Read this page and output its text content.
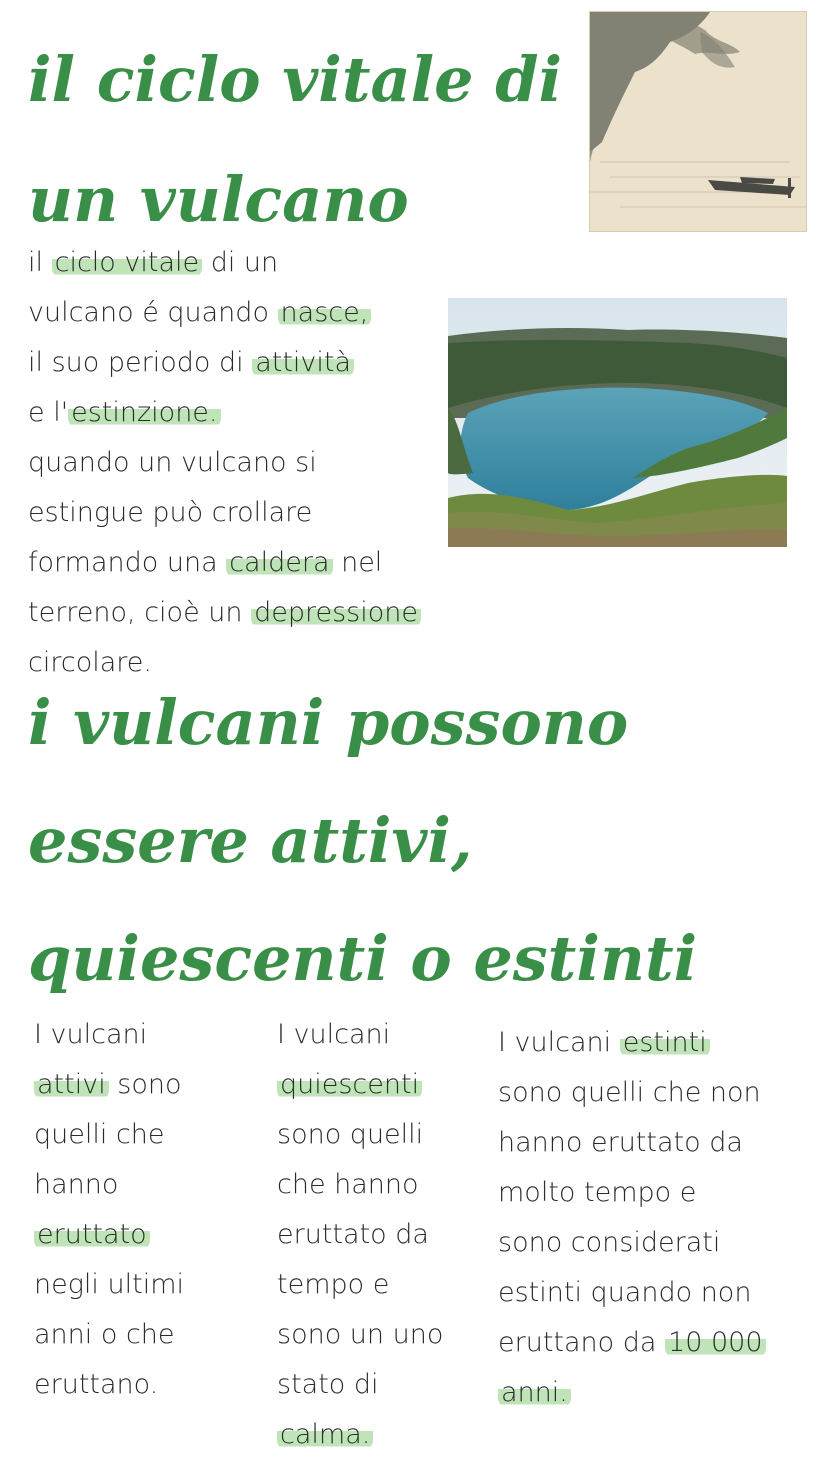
il ciclo vitale di un vulcano
il ciclo vitale di un
vulcano é quando nasce,
il suo periodo di attività
e l' estinzione.
quando un vulcano si
estingue può crollare
formando una caldera nel
terreno, cioè un depressione
circolare.
i vulcani possono essere attivi, quiescenti o estinti
I vulcani
attivi sono
quelli che
hanno
eruttato
negli ultimi
anni o che
eruttano.
I vulcani
quiescenti
sono quelli
che hanno
eruttato da
tempo e
sono un uno
stato di
calma.
I vulcani estinti
sono quelli che non
hanno eruttato da
molto tempo e
sono considerati
estinti quando non
eruttano da 10 000
anni.
